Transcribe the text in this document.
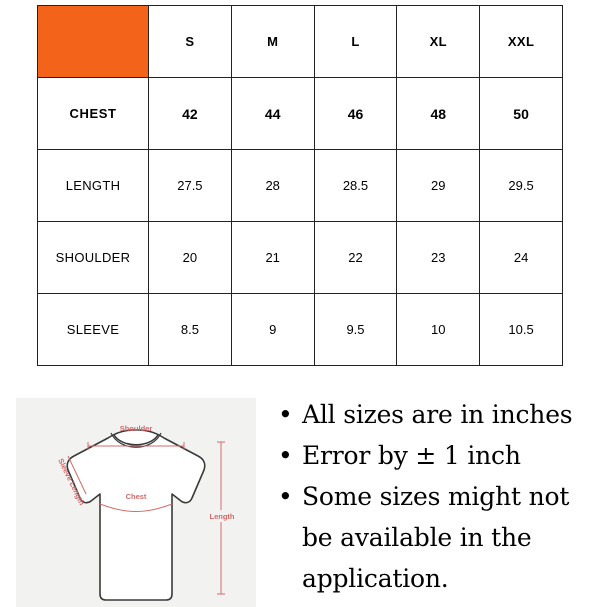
	S	M	L	XL	XXL
CHEST	42	44	46	48	50
LENGTH	27.5	28	28.5	29	29.5
SHOULDER	20	21	22	23	24
SLEEVE	8.5	9	9.5	10	10.5
Shoulder
Sleeve Length	Chest
Length
• All sizes are in inches
• Error by ± 1 inch
• Some sizes might not be available in the application.
